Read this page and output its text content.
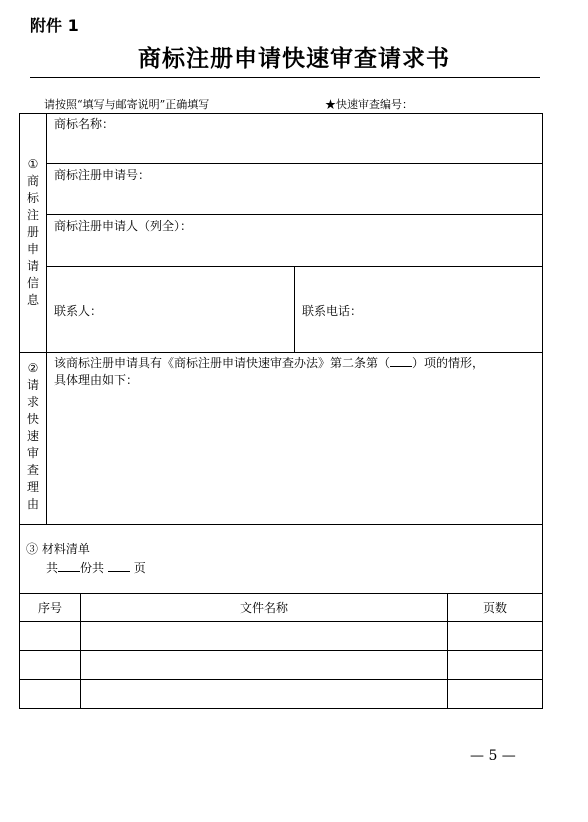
附件 1
商标注册申请快速审查请求书
请按照“填写与邮寄说明”正确填写	★快速审查编号：
①
商
标
注
册
申
请
信
息
商标名称：
商标注册申请号：
商标注册申请人（列全）：
联系人：	联系电话：
②
请
求
快
速
审
查
理
由
该商标注册申请具有《商标注册申请快速审查办法》第二条第（ ）项的情形，
具体理由如下：
③ 材料清单
共 份共 页
序号	文件名称	页数
— 5 —
